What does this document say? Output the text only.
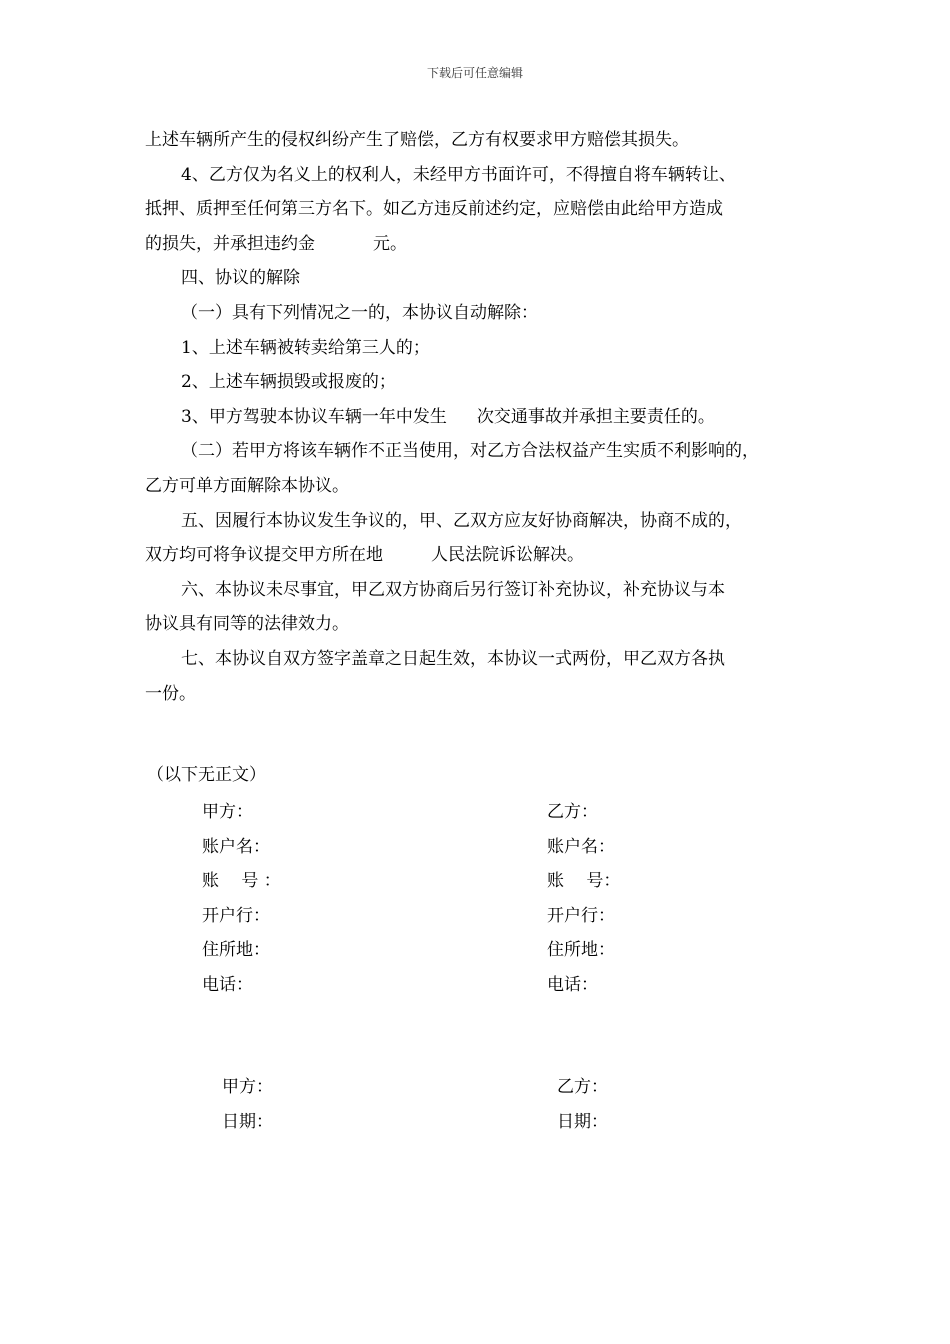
下载后可任意编辑

上述车辆所产生的侵权纠纷产生了赔偿，乙方有权要求甲方赔偿其损失。

4、乙方仅为名义上的权利人，未经甲方书面许可，不得擅自将车辆转让、

抵押、质押至任何第三方名下。如乙方违反前述约定，应赔偿由此给甲方造成

的损失，并承担违约金	元。

四、协议的解除

（一）具有下列情况之一的，本协议自动解除：

1、上述车辆被转卖给第三人的；

2、上述车辆损毁或报废的；

3、甲方驾驶本协议车辆一年中发生 次交通事故并承担主要责任的。

（二）若甲方将该车辆作不正当使用，对乙方合法权益产生实质不利影响的，

乙方可单方面解除本协议。

五、因履行本协议发生争议的，甲、乙双方应友好协商解决，协商不成的，

双方均可将争议提交甲方所在地	人民法院诉讼解决。

六、本协议未尽事宜，甲乙双方协商后另行签订补充协议，补充协议与本

协议具有同等的法律效力。

七、本协议自双方签字盖章之日起生效，本协议一式两份，甲乙双方各执

一份。

（以下无正文）
甲方：
账户名：
账　 号 ：
开户行：
住所地：
电话：
乙方：
账户名：
账　 号：
开户行：
住所地：
电话：
甲方：
日期：
乙方：
日期：
